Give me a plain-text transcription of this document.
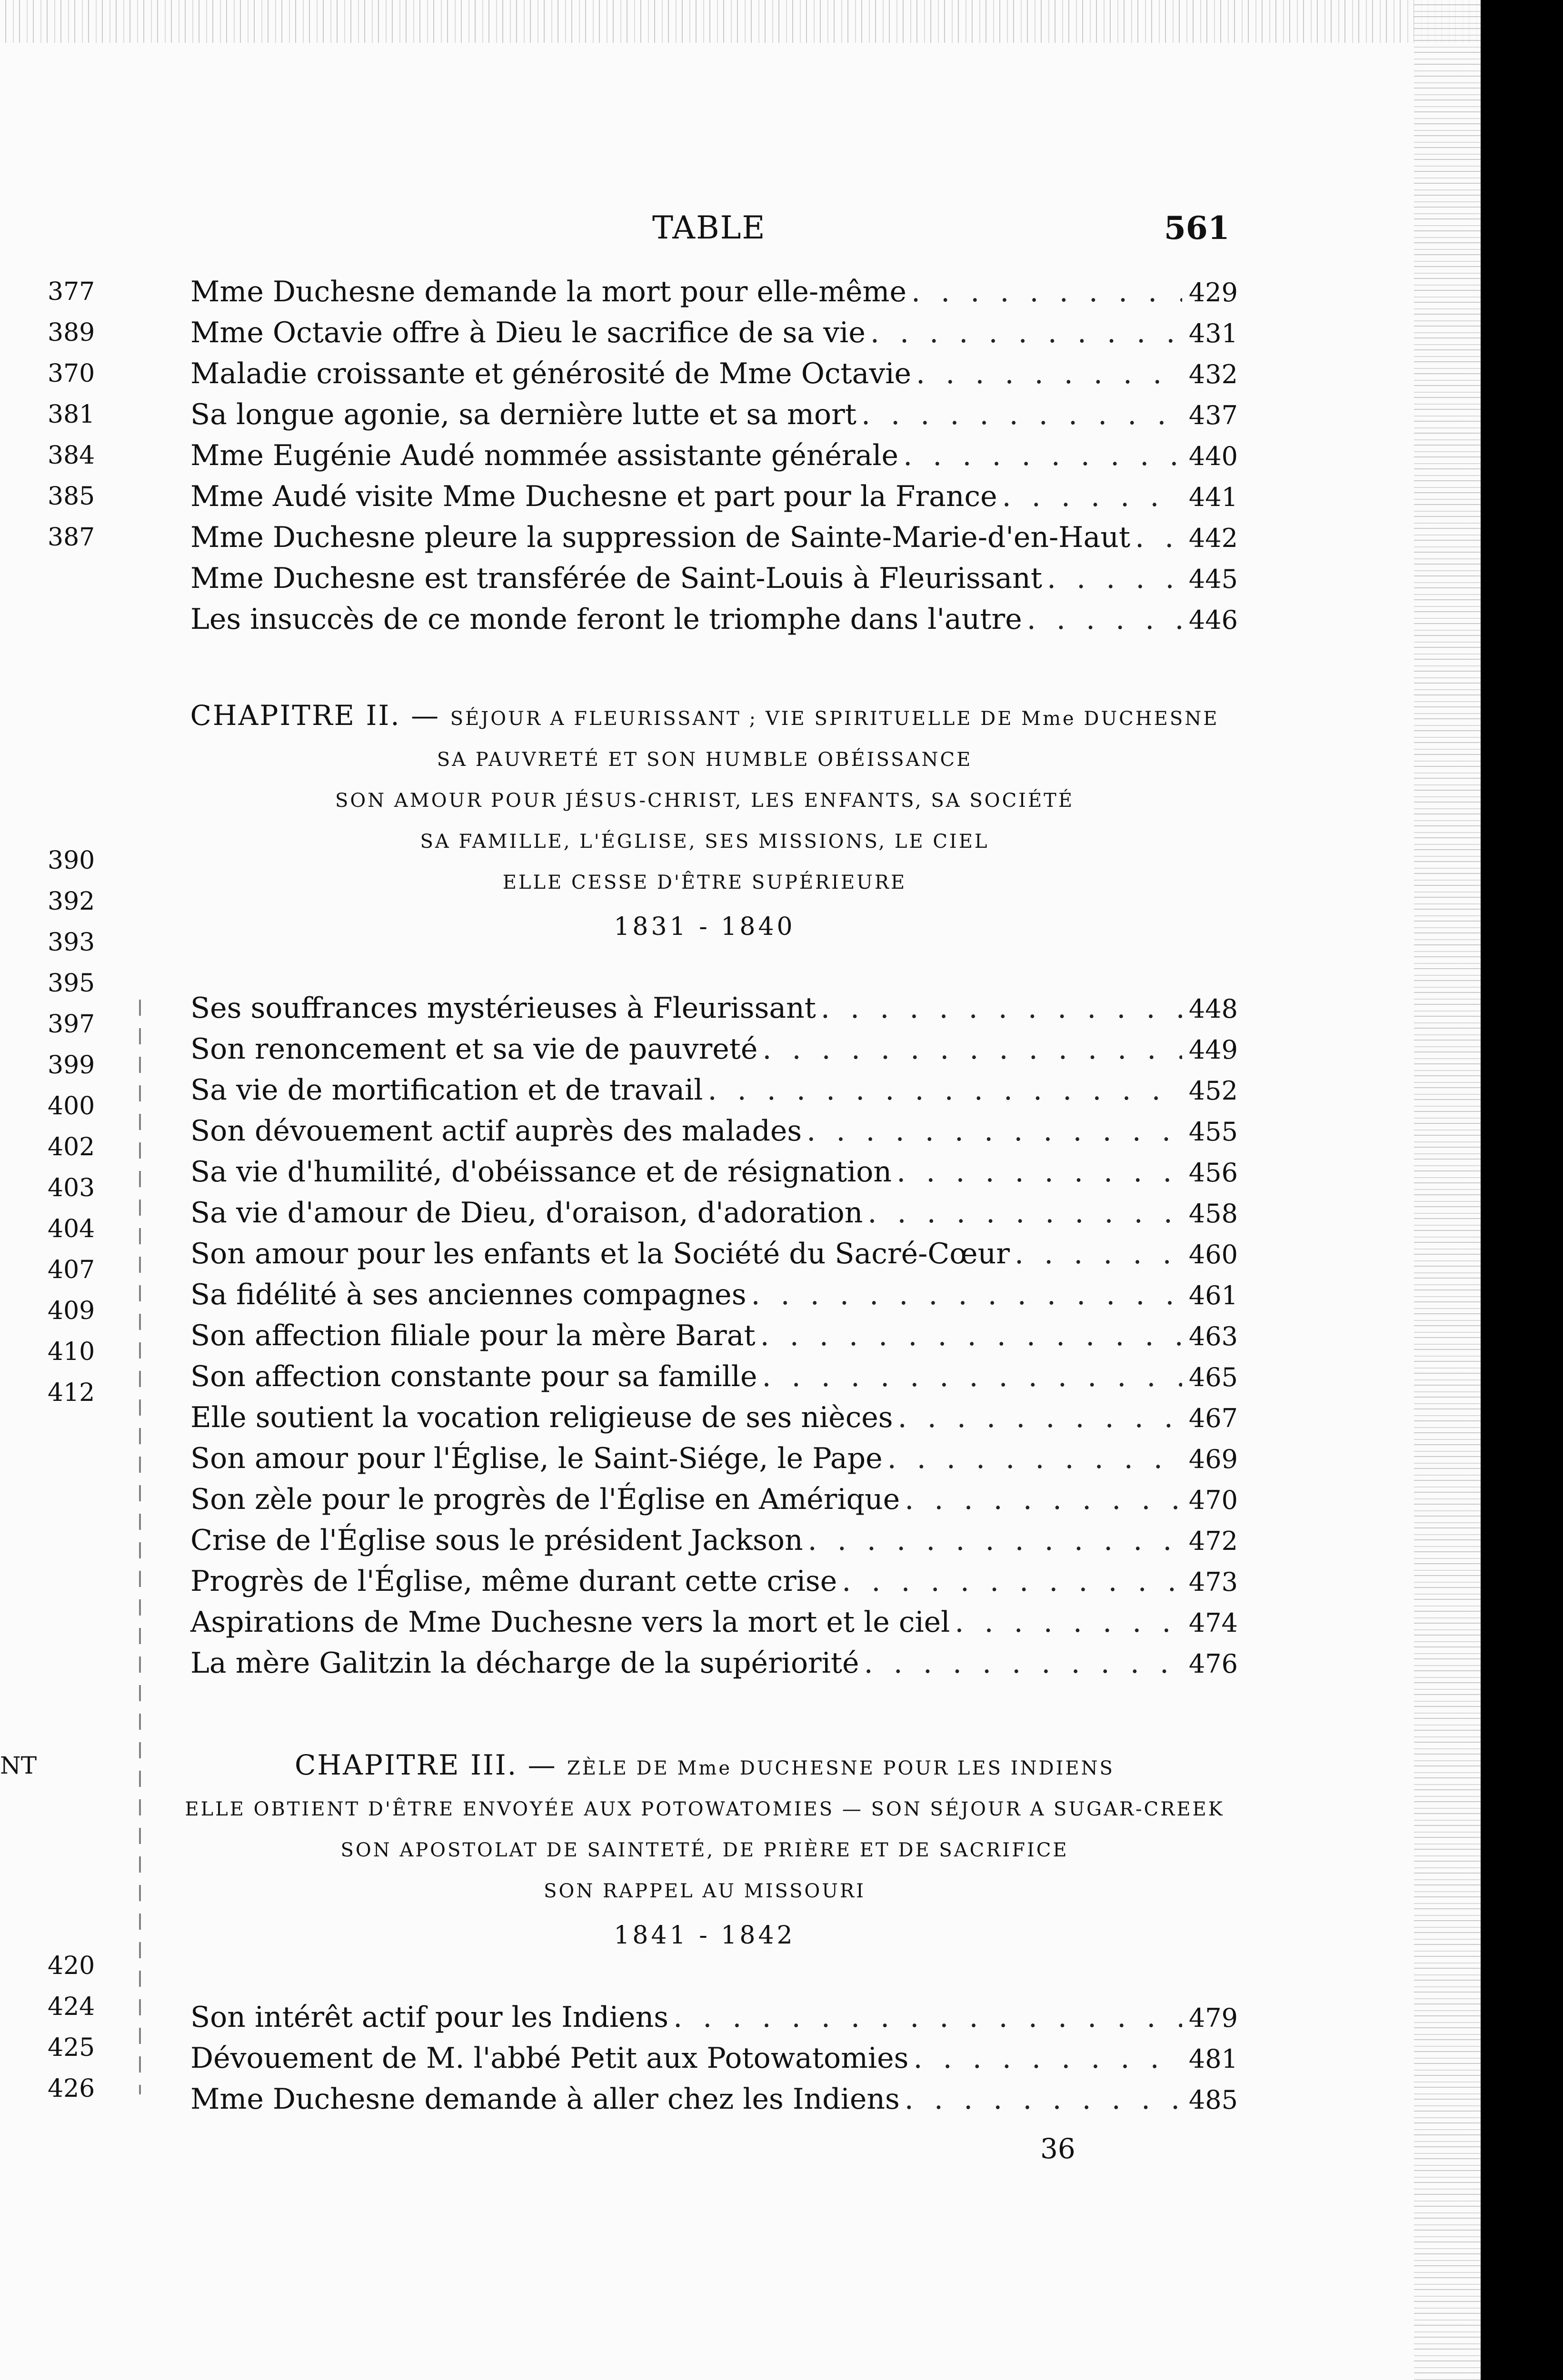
TABLE	561
377
389
370
381
384
385
387
390
392
393
395
397
399
400
402
403
404
407
409
410
412
420
424
425
426
NT
Mme Duchesne demande la mort pour elle-même . . .	429
Mme Octavie offre à Dieu le sacrifice de sa vie . . .	431
Maladie croissante et générosité de Mme Octavie . . .	432
Sa longue agonie, sa dernière lutte et sa mort . . .	437
Mme Eugénie Audé nommée assistante générale . . .	440
Mme Audé visite Mme Duchesne et part pour la France . . .	441
Mme Duchesne pleure la suppression de Sainte-Marie-d'en-Haut . . . 442
Mme Duchesne est transférée de Saint-Louis à Fleurissant . . .	445
Les insuccès de ce monde feront le triomphe dans l'autre . . .	446
CHAPITRE II. — SÉJOUR A FLEURISSANT ; VIE SPIRITUELLE DE Mme DUCHESNE
SA PAUVRETÉ ET SON HUMBLE OBÉISSANCE
SON AMOUR POUR JÉSUS-CHRIST, LES ENFANTS, SA SOCIÉTÉ
SA FAMILLE, L'ÉGLISE, SES MISSIONS, LE CIEL
ELLE CESSE D'ÊTRE SUPÉRIEURE
1831 - 1840
Ses souffrances mystérieuses à Fleurissant . . .	448
Son renoncement et sa vie de pauvreté . . .	449
Sa vie de mortification et de travail . . .	452
Son dévouement actif auprès des malades . . .	455
Sa vie d'humilité, d'obéissance et de résignation . . .	456
Sa vie d'amour de Dieu, d'oraison, d'adoration . . .	458
Son amour pour les enfants et la Société du Sacré-Cœur . . .	460
Sa fidélité à ses anciennes compagnes . . .	461
Son affection filiale pour la mère Barat . . .	463
Son affection constante pour sa famille . . .	465
Elle soutient la vocation religieuse de ses nièces . . .	467
Son amour pour l'Église, le Saint-Siége, le Pape . . .	469
Son zèle pour le progrès de l'Église en Amérique . . .	470
Crise de l'Église sous le président Jackson . . .	472
Progrès de l'Église, même durant cette crise . . .	473
Aspirations de Mme Duchesne vers la mort et le ciel . . .	474
La mère Galitzin la décharge de la supériorité . . .	476
CHAPITRE III. — ZÈLE DE Mme DUCHESNE POUR LES INDIENS
ELLE OBTIENT D'ÊTRE ENVOYÉE AUX POTOWATOMIES — SON SÉJOUR A SUGAR-CREEK
SON APOSTOLAT DE SAINTETÉ, DE PRIÈRE ET DE SACRIFICE
SON RAPPEL AU MISSOURI
1841 - 1842
Son intérêt actif pour les Indiens . . .	479
Dévouement de M. l'abbé Petit aux Potowatomies . . .	481
Mme Duchesne demande à aller chez les Indiens . . .	485
36
